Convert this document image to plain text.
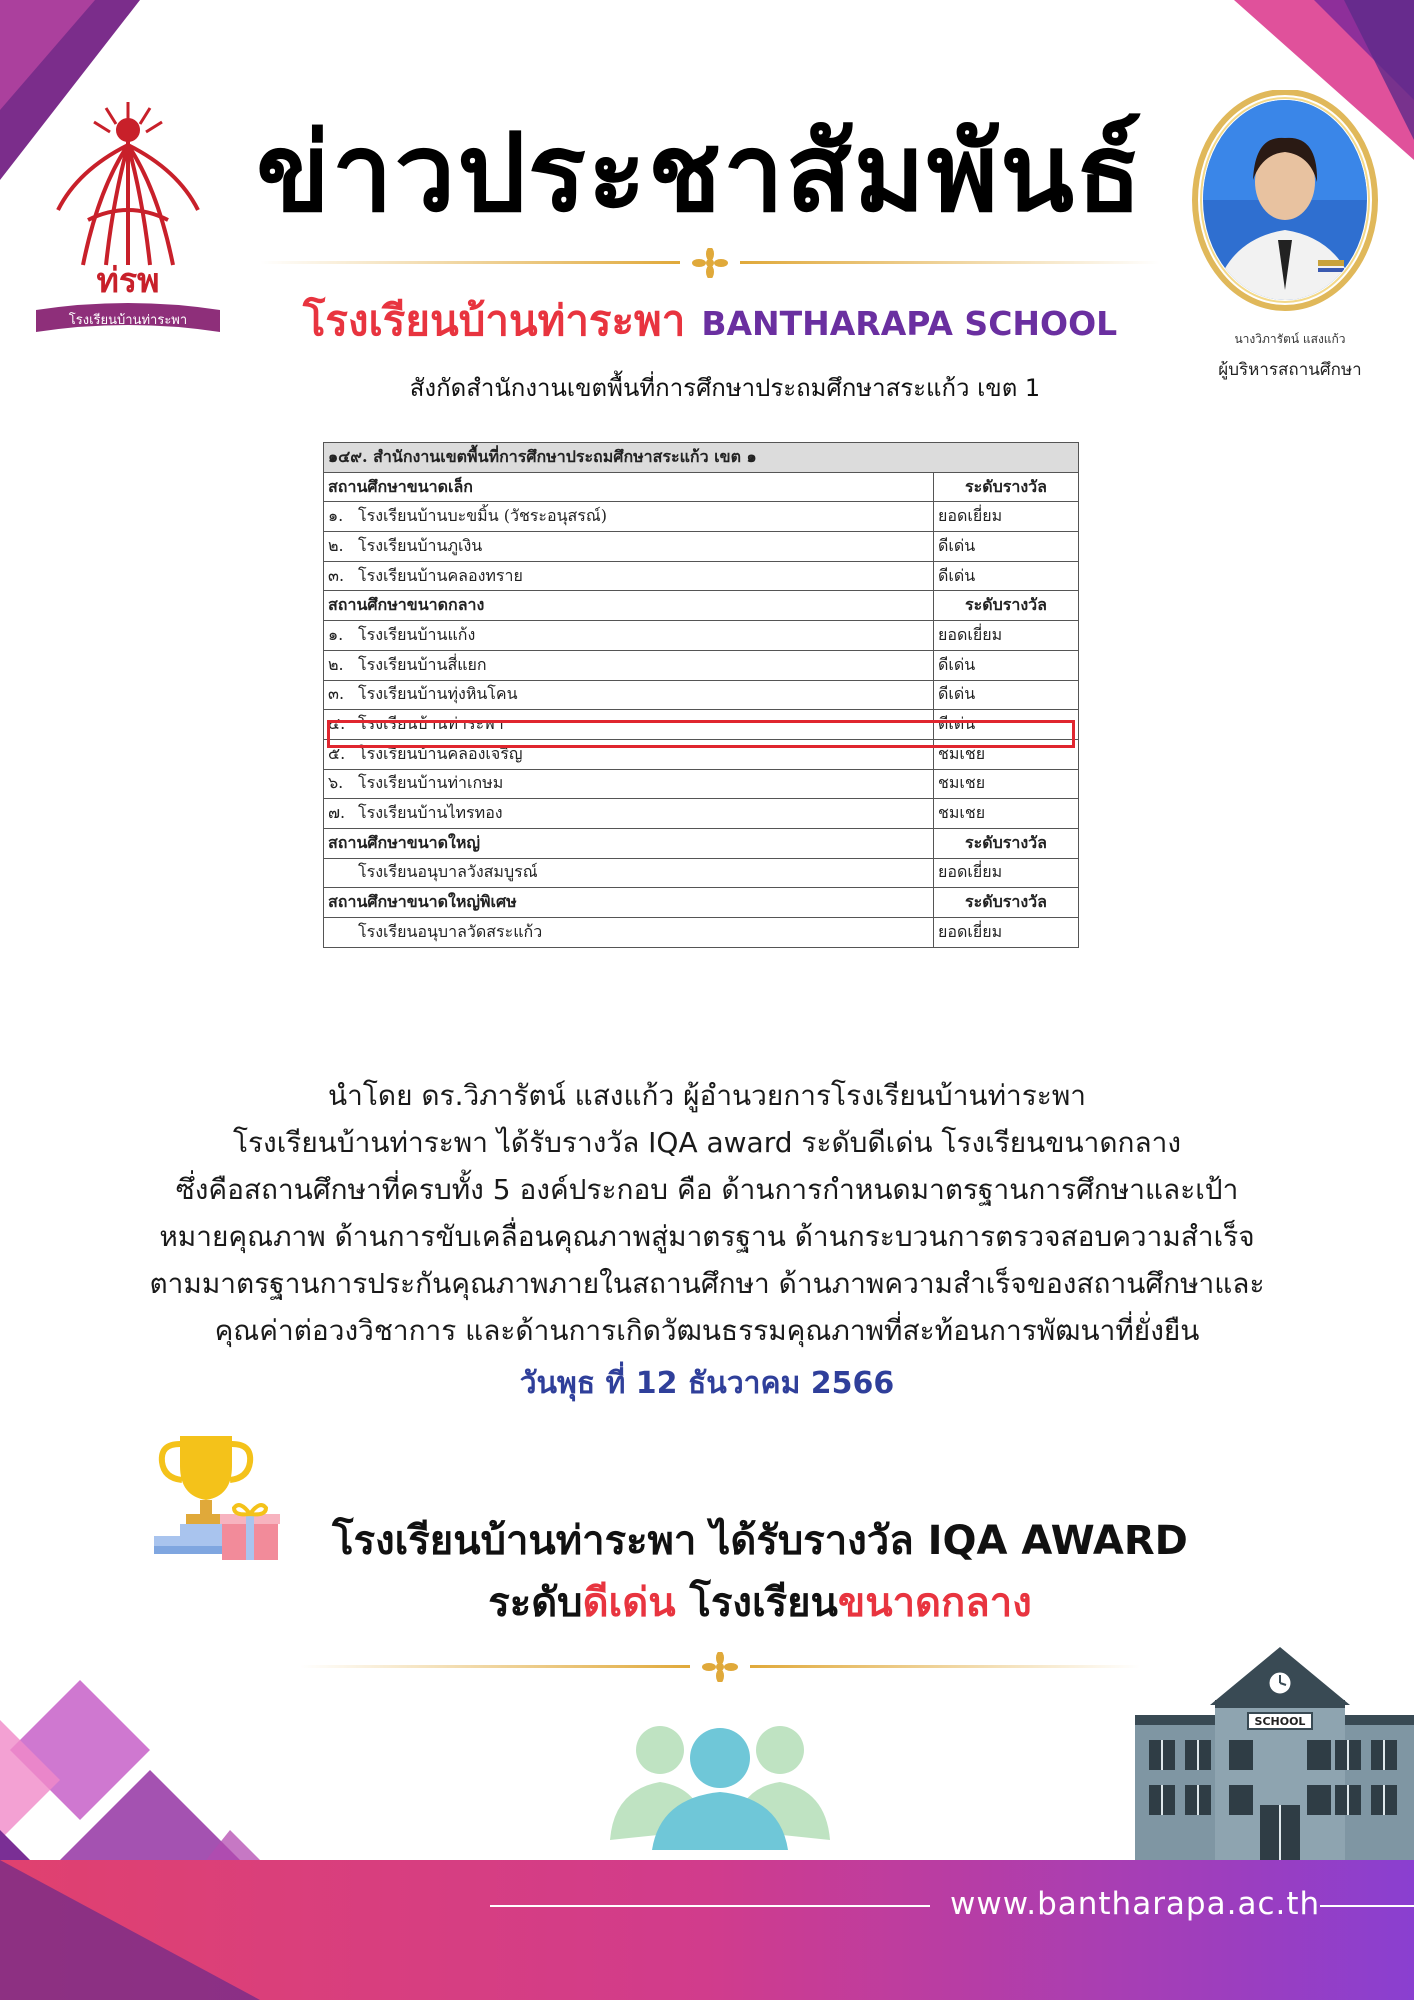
ท่รพ
โรงเรียนบ้านท่าระพา
ข่าวประชาสัมพันธ์
โรงเรียนบ้านท่าระพา BANTHARAPA SCHOOL
สังกัดสำนักงานเขตพื้นที่การศึกษาประถมศึกษาสระแก้ว เขต 1
นางวิภารัตน์ แสงแก้ว
ผู้บริหารสถานศึกษา
๑๔๙. สำนักงานเขตพื้นที่การศึกษาประถมศึกษาสระแก้ว เขต ๑	
สถานศึกษาขนาดเล็ก	ระดับรางวัล
๑. โรงเรียนบ้านบะขมิ้น (วัชระอนุสรณ์)	ยอดเยี่ยม
๒. โรงเรียนบ้านภูเงิน	ดีเด่น
๓. โรงเรียนบ้านคลองทราย	ดีเด่น
สถานศึกษาขนาดกลาง	ระดับรางวัล
๑. โรงเรียนบ้านแก้ง	ยอดเยี่ยม
๒. โรงเรียนบ้านสี่แยก	ดีเด่น
๓. โรงเรียนบ้านทุ่งหินโคน	ดีเด่น
๔. โรงเรียนบ้านท่าระพา	ดีเด่น
๕. โรงเรียนบ้านคลองเจริญ	ชมเชย
๖. โรงเรียนบ้านท่าเกษม	ชมเชย
๗. โรงเรียนบ้านไทรทอง	ชมเชย
สถานศึกษาขนาดใหญ่	ระดับรางวัล
โรงเรียนอนุบาลวังสมบูรณ์	ยอดเยี่ยม
สถานศึกษาขนาดใหญ่พิเศษ	ระดับรางวัล
โรงเรียนอนุบาลวัดสระแก้ว	ยอดเยี่ยม
นำโดย ดร.วิภารัตน์ แสงแก้ว ผู้อำนวยการโรงเรียนบ้านท่าระพา
โรงเรียนบ้านท่าระพา ได้รับรางวัล IQA award ระดับดีเด่น โรงเรียนขนาดกลาง
ซึ่งคือสถานศึกษาที่ครบทั้ง 5 องค์ประกอบ คือ ด้านการกำหนดมาตรฐานการศึกษาและเป้า
หมายคุณภาพ ด้านการขับเคลื่อนคุณภาพสู่มาตรฐาน ด้านกระบวนการตรวจสอบความสำเร็จ
ตามมาตรฐานการประกันคุณภาพภายในสถานศึกษา ด้านภาพความสำเร็จของสถานศึกษาและ
คุณค่าต่อวงวิชาการ และด้านการเกิดวัฒนธรรมคุณภาพที่สะท้อนการพัฒนาที่ยั่งยืน
วันพุธ ที่ 12 ธันวาคม 2566
โรงเรียนบ้านท่าระพา ได้รับรางวัล IQA AWARD
ระดับดีเด่น โรงเรียนขนาดกลาง
SCHOOL
www.bantharapa.ac.th
